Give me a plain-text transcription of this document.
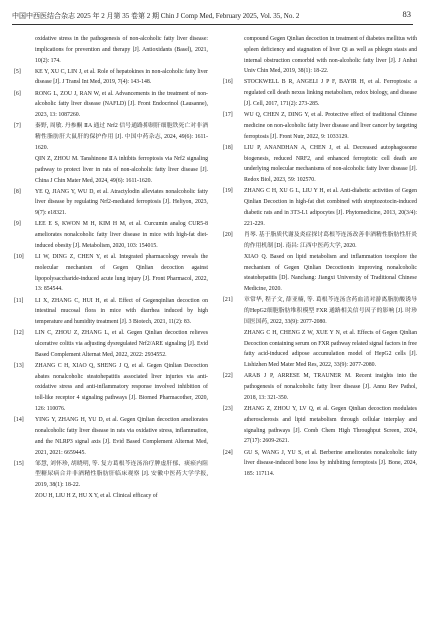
中国中西医结合杂志 2025 年 2 月第 35 卷第 2 期 Chin J Comp Med, February 2025, Vol. 35, No. 2	83
oxidative stress in the pathogenesis of non-alcoholic fatty liver disease: implications for prevention and therapy [J]. Antioxidants (Basel), 2021, 10(2): 174.
[5]	KE Y, XU C, LIN J, et al. Role of hepatokines in non-alcoholic fatty liver disease [J]. J Transl Int Med, 2019, 7(4): 143-148.
[6]	RONG L, ZOU J, RAN W, et al. Advancements in the treatment of non-alcoholic fatty liver disease (NAFLD) [J]. Front Endocrinol (Lausanne), 2023, 13: 1087260.
[7]	秦野, 周敏. 丹参酮 ⅡA 通过 Nrf2 信号通路抑制肝细胞铁死亡对非酒精性脂肪肝大鼠肝的保护作用 [J]. 中国中药杂志, 2024, 49(6): 1611-1620.
QIN Z, ZHOU M. Tanshinone ⅡA inhibits ferroptosis via Nrf2 signaling pathway to protect liver in rats of non-alcoholic fatty liver disease [J]. China J Chin Mater Med, 2024, 49(6): 1611-1620.
[8]	YE Q, JIANG Y, WU D, et al. Atractylodin alleviates nonalcoholic fatty liver disease by regulating Nrf2-mediated ferroptosis [J]. Heliyon, 2023, 9(7): e18321.
[9]	LEE E S, KWON M H, KIM H M, et al. Curcumin analog CUR5-8 ameliorates nonalcoholic fatty liver disease in mice with high-fat diet-induced obesity [J]. Metabolism, 2020, 103: 154015.
[10]	LI W, DING Z, CHEN Y, et al. Integrated pharmacology reveals the molecular mechanism of Gegen Qinlian decoction against lipopolysaccharide-induced acute lung injury [J]. Front Pharmacol, 2022, 13: 854544.
[11]	LI X, ZHANG C, HUI H, et al. Effect of Gegenqinlian decoction on intestinal mucosal flora in mice with diarrhea induced by high temperature and humidity treatment [J]. 3 Biotech, 2021, 11(2): 83.
[12]	LIN C, ZHOU Z, ZHANG L, et al. Gegen Qinlian decoction relieves ulcerative colitis via adjusting dysregulated Nrf2/ARE signaling [J]. Evid Based Complement Alternat Med, 2022, 2022: 2934552.
[13]	ZHANG C H, XIAO Q, SHENG J Q, et al. Gegen Qinlian Decoction abates nonalcoholic steatohepatitis associated liver injuries via anti-oxidative stress and anti-inflammatory response involved inhibition of toll-like receptor 4 signaling pathways [J]. Biomed Pharmacother, 2020, 126: 110076.
[14]	YING Y, ZHANG H, YU D, et al. Gegen Qinlian decoction ameliorates nonalcoholic fatty liver disease in rats via oxidative stress, inflammation, and the NLRP3 signal axis [J]. Evid Based Complement Alternat Med, 2021, 2021: 6659445.
[15]	邹慧, 刘怀珍, 胡晓明, 等. 复方葛根芩连汤治疗脾虚肝郁、痰瘀内阻型糖尿病合并非酒精性脂肪肝临床观察 [J]. 安徽中医药大学学报, 2019, 38(1): 18-22.
ZOU H, LIU H Z, HU X Y, et al. Clinical efficacy of
compound Gegen Qinlian decoction in treatment of diabetes mellitus with spleen deficiency and stagnation of liver Qi as well as phlegm stasis and internal obstruction comorbid with non-alcoholic fatty liver [J]. J Anhui Univ Chin Med, 2019, 38(1): 18-22.
[16]	STOCKWELL B R, ANGELI J P F, BAYIR H, et al. Ferroptosis: a regulated cell death nexus linking metabolism, redox biology, and disease [J]. Cell, 2017, 171(2): 273-285.
[17]	WU Q, CHEN Z, DING Y, et al. Protective effect of traditional Chinese medicine on non-alcoholic fatty liver disease and liver cancer by targeting ferroptosis [J]. Front Nutr, 2022, 9: 1033129.
[18]	LIU P, ANANDHAN A, CHEN J, et al. Decreased autophagosome biogenesis, reduced NRF2, and enhanced ferroptotic cell death are underlying molecular mechanisms of non-alcoholic fatty liver disease [J]. Redox Biol, 2023, 59: 102570.
[19]	ZHANG C H, XU G L, LIU Y H, et al. Anti-diabetic activities of Gegen Qinlian Decoction in high-fat diet combined with streptozotocin-induced diabetic rats and in 3T3-L1 adipocytes [J]. Phytomedicine, 2013, 20(3/4): 221-229.
[20]	肖琴. 基于脂质代谢及炎症探讨葛根芩连汤改善非酒精性脂肪性肝炎的作用机制 [D]. 南昌: 江西中医药大学, 2020.
XIAO Q. Based on lipid metabolism and inflammation toexplore the mechanism of Gegen Qinlian Decoctionin improving nonalcoholic steatohepatitis [D]. Nanchang: Jiangxi University of Traditional Chinese Medicine, 2020.
[21]	章常华, 程子文, 薛亚楠, 等. 葛根芩连汤含药血清对游离脂肪酸诱导的HepG2细胞脂肪堆积模型 FXR 通路相关信号因子的影响 [J]. 时珍国医国药, 2022, 33(9): 2077-2080.
ZHANG C H, CHENG Z W, XUE Y N, et al. Effects of Gegen Qinlian Decoction containing serum on FXR pathway related signal factors in free fatty acid-induced adipose accumulation model of HepG2 cells [J]. Lishizhen Med Mater Med Res, 2022, 33(9): 2077-2080.
[22]	ARAB J P, ARRESE M, TRAUNER M. Recent insights into the pathogenesis of nonalcoholic fatty liver disease [J]. Annu Rev Pathol, 2018, 13: 321-350.
[23]	ZHANG Z, ZHOU Y, LV Q, et al. Gegen Qinlian decoction modulates atherosclerosis and lipid metabolism through cellular interplay and signaling pathways [J]. Comb Chem High Throughput Screen, 2024, 27(17): 2609-2621.
[24]	GU S, WANG J, YU S, et al. Berberine ameliorates nonalcoholic fatty liver disease-induced bone loss by inhibiting ferroptosis [J]. Bone, 2024, 185: 117114.
